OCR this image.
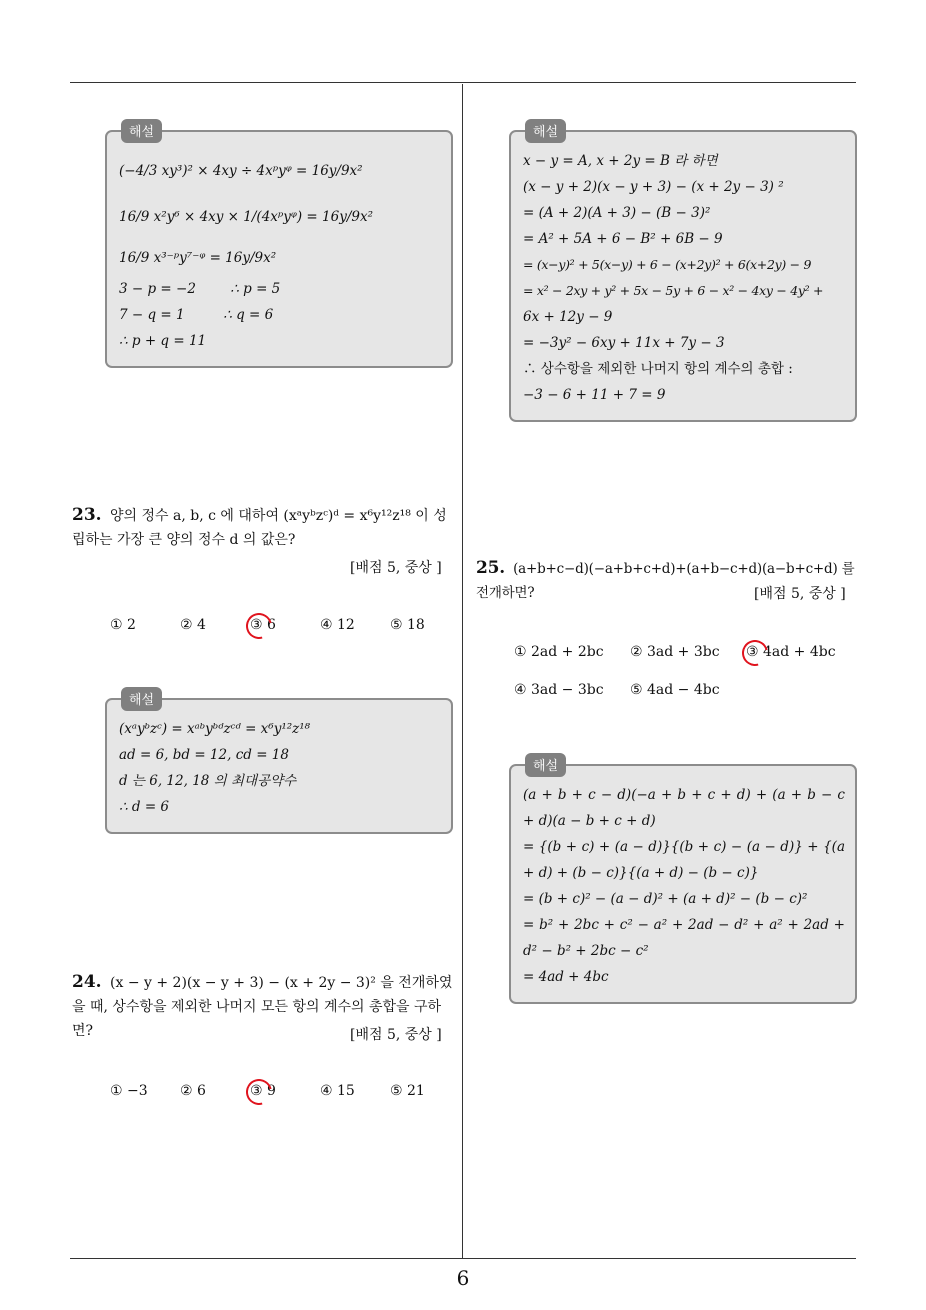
해설
(−4/3 xy³)² × 4xy ÷ 4xᵖyᵠ = 16y/9x²
16/9 x²y⁶ × 4xy × 1/(4xᵖyᵠ) = 16y/9x²
16/9 x³⁻ᵖy⁷⁻ᵠ = 16y/9x²
3 − p = −2        ∴ p = 5
7 − q = 1         ∴ q = 6
∴ p + q = 11
23. 양의 정수 a, b, c 에 대하여 (xᵃyᵇzᶜ)ᵈ = x⁶y¹²z¹⁸ 이 성립하는 가장 큰 양의 정수 d 의 값은?
[배점 5, 중상 ]
① 2	② 4	③ 6	④ 12	⑤ 18
해설
(xᵃyᵇzᶜ) = xᵃᵇyᵇᵈzᶜᵈ = x⁶y¹²z¹⁸
ad = 6, bd = 12, cd = 18
d 는 6, 12, 18 의 최대공약수
∴ d = 6
24. (x − y + 2)(x − y + 3) − (x + 2y − 3)² 을 전개하였을 때, 상수항을 제외한 나머지 모든 항의 계수의 총합을 구하면?	[배점 5, 중상 ]
① −3 ② 6	③ 9	④ 15	⑤ 21
해설
x − y = A, x + 2y = B 라 하면
(x − y + 2)(x − y + 3) − (x + 2y − 3) ²
= (A + 2)(A + 3) − (B − 3)²
= A² + 5A + 6 − B² + 6B − 9
= (x−y)² + 5(x−y) + 6 − (x+2y)² + 6(x+2y) − 9
= x² − 2xy + y² + 5x − 5y + 6 − x² − 4xy − 4y² +
6x + 12y − 9
= −3y² − 6xy + 11x + 7y − 3
∴ 상수항을 제외한 나머지 항의 계수의 총합 :
−3 − 6 + 11 + 7 = 9
25. (a+b+c−d)(−a+b+c+d)+(a+b−c+d)(a−b+c+d) 를 전개하면?	[배점 5, 중상 ]
① 2ad + 2bc ② 3ad + 3bc ③ 4ad + 4bc
④ 3ad − 3bc ⑤ 4ad − 4bc
해설
(a + b + c − d)(−a + b + c + d) + (a + b − c + d)(a − b + c + d)
= {(b + c) + (a − d)}{(b + c) − (a − d)} + {(a + d) + (b − c)}{(a + d) − (b − c)}
= (b + c)² − (a − d)² + (a + d)² − (b − c)²
= b² + 2bc + c² − a² + 2ad − d² + a² + 2ad + d² − b² + 2bc − c²
= 4ad + 4bc
6
